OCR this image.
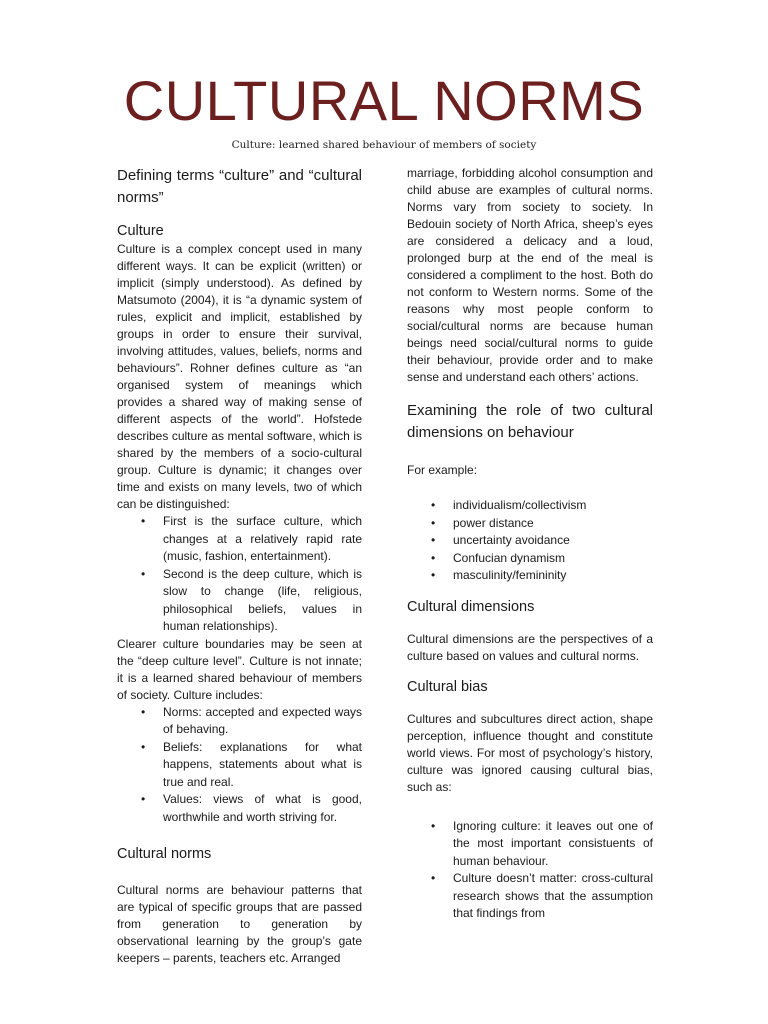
CULTURAL NORMS
Culture: learned shared behaviour of members of society
Defining terms “culture” and “cultural norms”
Culture

Culture is a complex concept used in many different ways. It can be explicit (written) or implicit (simply understood). As defined by Matsumoto (2004), it is “a dynamic system of rules, explicit and implicit, established by groups in order to ensure their survival, involving attitudes, values, beliefs, norms and behaviours”. Rohner defines culture as “an organised system of meanings which provides a shared way of making sense of different aspects of the world”. Hofstede describes culture as mental software, which is shared by the members of a socio-cultural group. Culture is dynamic; it changes over time and exists on many levels, two of which can be distinguished:

• First is the surface culture, which changes at a relatively rapid rate (music, fashion, entertainment).
• Second is the deep culture, which is slow to change (life, religious, philosophical beliefs, values in human relationships).

Clearer culture boundaries may be seen at the “deep culture level”. Culture is not innate; it is a learned shared behaviour of members of society. Culture includes:

• Norms: accepted and expected ways of behaving.
• Beliefs: explanations for what happens, statements about what is true and real.
• Values: views of what is good, worthwhile and worth striving for.
Cultural norms

Cultural norms are behaviour patterns that are typical of specific groups that are passed from generation to generation by observational learning by the group’s gate keepers – parents, teachers etc. Arranged

marriage, forbidding alcohol consumption and child abuse are examples of cultural norms. Norms vary from society to society. In Bedouin society of North Africa, sheep’s eyes are considered a delicacy and a loud, prolonged burp at the end of the meal is considered a compliment to the host. Both do not conform to Western norms. Some of the reasons why most people conform to social/cultural norms are because human beings need social/cultural norms to guide their behaviour, provide order and to make sense and understand each others’ actions.

Examining the role of two cultural dimensions on behaviour

For example:

• individualism/collectivism
• power distance
• uncertainty avoidance
• Confucian dynamism
• masculinity/femininity
Cultural dimensions

Cultural dimensions are the perspectives of a culture based on values and cultural norms.

Cultural bias

Cultures and subcultures direct action, shape perception, influence thought and constitute world views. For most of psychology’s history, culture was ignored causing cultural bias, such as:

• Ignoring culture: it leaves out one of the most important consistuents of human behaviour.
• Culture doesn’t matter: cross-cultural research shows that the assumption that findings from
